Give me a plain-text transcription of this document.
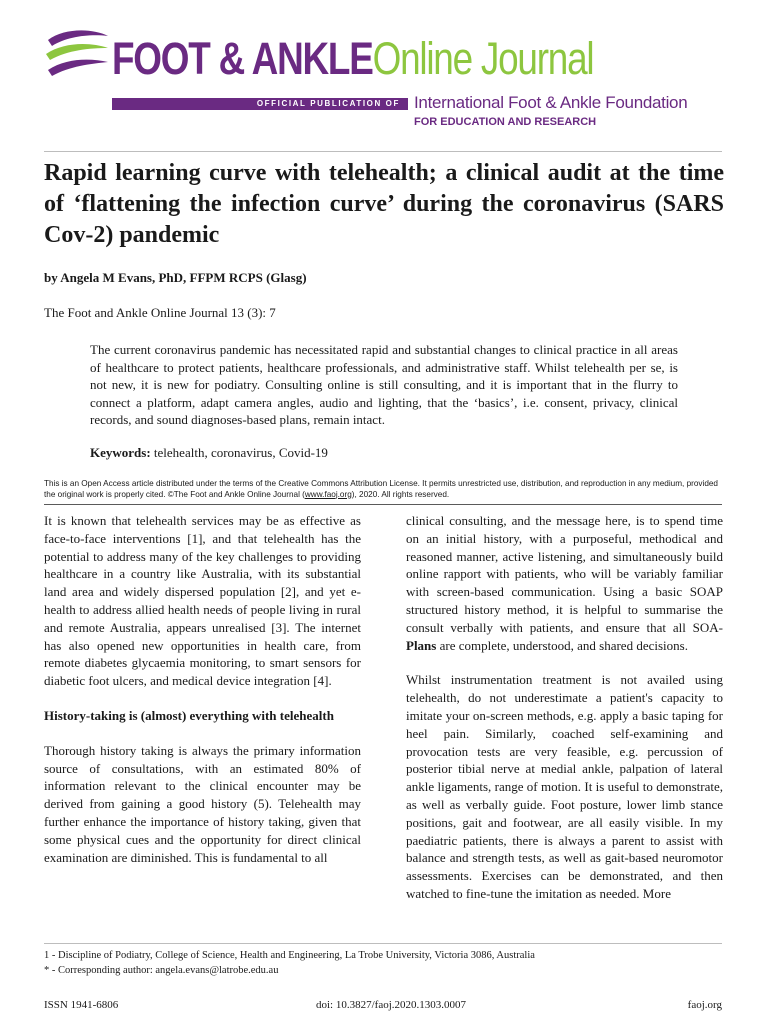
FOOT & ANKLEOnline Journal
OFFICIAL PUBLICATION OF International Foot & Ankle Foundation
FOR EDUCATION AND RESEARCH
Rapid learning curve with telehealth; a clinical audit at the time of ‘flattening the infection curve’ during the coronavirus (SARS Cov-2) pandemic
by Angela M Evans, PhD, FFPM RCPS (Glasg)
The Foot and Ankle Online Journal 13 (3): 7

The current coronavirus pandemic has necessitated rapid and substantial changes to clinical practice in all areas of healthcare to protect patients, healthcare professionals, and administrative staff. Whilst telehealth per se, is not new, it is new for podiatry. Consulting online is still consulting, and it is important that in the flurry to connect a platform, adapt camera angles, audio and lighting, that the ‘basics’, i.e. consent, privacy, clinical records, and sound diagnoses-based plans, remain intact.

Keywords: telehealth, coronavirus, Covid-19
This is an Open Access article distributed under the terms of the Creative Commons Attribution License. It permits unrestricted use, distribution, and reproduction in any medium, provided the original work is properly cited. ©The Foot and Ankle Online Journal (www.faoj.org), 2020. All rights reserved.

It is known that telehealth services may be as effective as face-to-face interventions [1], and that telehealth has the potential to address many of the key challenges to providing healthcare in a country like Australia, with its substantial land area and widely dispersed population [2], and yet e-health to address allied health needs of people living in rural and remote Australia, appears unrealised [3]. The internet has also opened new opportunities in health care, from remote diabetes glycaemia monitoring, to smart sensors for diabetic foot ulcers, and medical device integration [4].

History-taking is (almost) everything with telehealth

Thorough history taking is always the primary information source of consultations, with an estimated 80% of information relevant to the clinical encounter may be derived from gaining a good history (5). Telehealth may further enhance the importance of history taking, given that some physical cues and the opportunity for direct clinical examination are diminished. This is fundamental to all

clinical consulting, and the message here, is to spend time on an initial history, with a purposeful, methodical and reasoned manner, active listening, and simultaneously build online rapport with patients, who will be variably familiar with screen-based communication. Using a basic SOAP structured history method, it is helpful to summarise the consult verbally with patients, and ensure that all SOA-Plans are complete, understood, and shared decisions.

Whilst instrumentation treatment is not availed using telehealth, do not underestimate a patient's capacity to imitate your on-screen methods, e.g. apply a basic taping for heel pain. Similarly, coached self-examining and provocation tests are very feasible, e.g. percussion of posterior tibial nerve at medial ankle, palpation of lateral ankle ligaments, range of motion. It is useful to demonstrate, as well as verbally guide. Foot posture, lower limb stance positions, gait and footwear, are all easily visible. In my paediatric patients, there is always a parent to assist with balance and strength tests, as well as gait-based neuromotor assessments. Exercises can be demonstrated, and then watched to fine-tune the imitation as needed. More

1 - Discipline of Podiatry, College of Science, Health and Engineering, La Trobe University, Victoria 3086, Australia
* - Corresponding author: angela.evans@latrobe.edu.au
ISSN 1941-6806	doi: 10.3827/faoj.2020.1303.0007	faoj.org
